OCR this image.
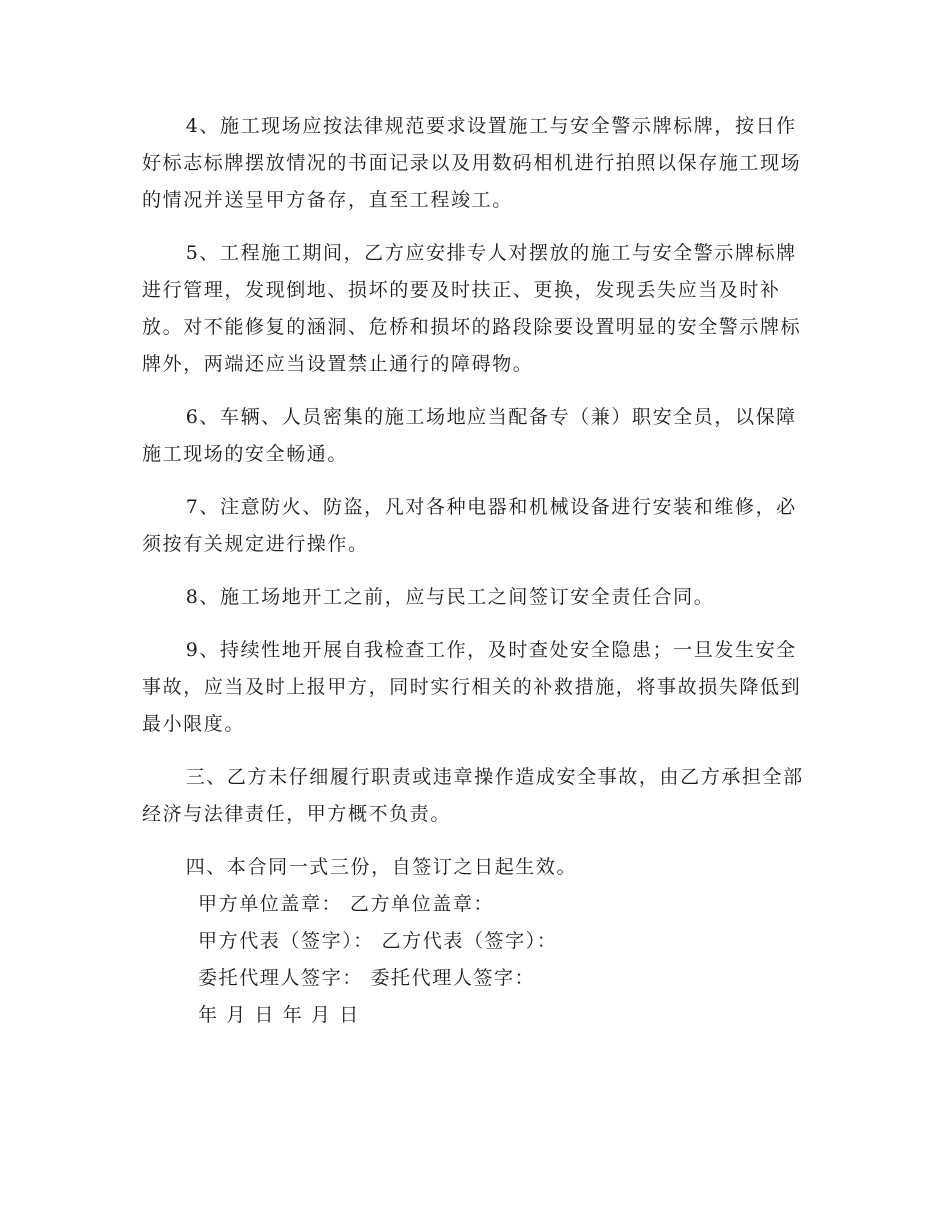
4、施工现场应按法律规范要求设置施工与安全警示牌标牌，按日作好标志标牌摆放情况的书面记录以及用数码相机进行拍照以保存施工现场的情况并送呈甲方备存，直至工程竣工。

5、工程施工期间，乙方应安排专人对摆放的施工与安全警示牌标牌进行管理，发现倒地、损坏的要及时扶正、更换，发现丢失应当及时补放。对不能修复的涵洞、危桥和损坏的路段除要设置明显的安全警示牌标牌外，两端还应当设置禁止通行的障碍物。

6、车辆、人员密集的施工场地应当配备专（兼）职安全员，以保障施工现场的安全畅通。

7、注意防火、防盗，凡对各种电器和机械设备进行安装和维修，必须按有关规定进行操作。

8、施工场地开工之前，应与民工之间签订安全责任合同。

9、持续性地开展自我检查工作，及时查处安全隐患；一旦发生安全事故，应当及时上报甲方，同时实行相关的补救措施，将事故损失降低到最小限度。

三、乙方未仔细履行职责或违章操作造成安全事故，由乙方承担全部经济与法律责任，甲方概不负责。

四、本合同一式三份，自签订之日起生效。

甲方单位盖章： 乙方单位盖章：

甲方代表（签字）： 乙方代表（签字）：

委托代理人签字： 委托代理人签字：

年 月 日 年 月 日
